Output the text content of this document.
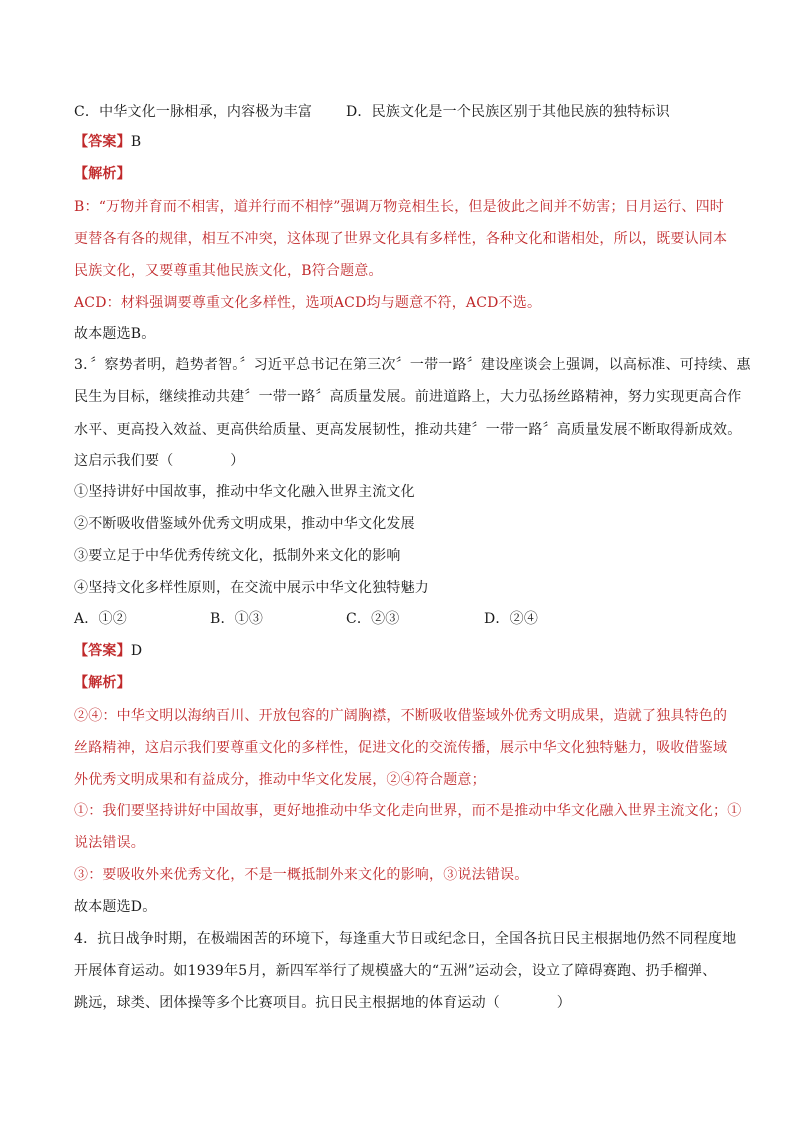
C．中华文化一脉相承，内容极为丰富 D．民族文化是一个民族区别于其他民族的独特标识
【答案】B
【解析】
B：“万物并育而不相害，道并行而不相悖”强调万物竞相生长，但是彼此之间并不妨害；日月运行、四时
更替各有各的规律，相互不冲突，这体现了世界文化具有多样性，各种文化和谐相处，所以，既要认同本
民族文化，又要尊重其他民族文化，B符合题意。
ACD：材料强调要尊重文化多样性，选项ACD均与题意不符，ACD不选。
故本题选B。
3．〞察势者明，趋势者智。〞习近平总书记在第三次〞一带一路〞建设座谈会上强调，以高标准、可持续、惠
民生为目标，继续推动共建〞一带一路〞高质量发展。前进道路上，大力弘扬丝路精神，努力实现更高合作
水平、更高投入效益、更高供给质量、更高发展韧性，推动共建〞一带一路〞高质量发展不断取得新成效。
这启示我们要（　　　　）
①坚持讲好中国故事，推动中华文化融入世界主流文化
②不断吸收借鉴域外优秀文明成果，推动中华文化发展
③要立足于中华优秀传统文化，抵制外来文化的影响
④坚持文化多样性原则，在交流中展示中华文化独特魅力
A．①②	B．①③	C．②③	D．②④
【答案】D
【解析】
②④：中华文明以海纳百川、开放包容的广阔胸襟，不断吸收借鉴域外优秀文明成果，造就了独具特色的
丝路精神，这启示我们要尊重文化的多样性，促进文化的交流传播，展示中华文化独特魅力，吸收借鉴域
外优秀文明成果和有益成分，推动中华文化发展，②④符合题意；
①：我们要坚持讲好中国故事，更好地推动中华文化走向世界，而不是推动中华文化融入世界主流文化；①
说法错误。
③：要吸收外来优秀文化，不是一概抵制外来文化的影响，③说法错误。
故本题选D。
4．抗日战争时期，在极端困苦的环境下，每逢重大节日或纪念日，全国各抗日民主根据地仍然不同程度地
开展体育运动。如1939年5月，新四军举行了规模盛大的“五洲”运动会，设立了障碍赛跑、扔手榴弹、
跳远，球类、团体操等多个比赛项目。抗日民主根据地的体育运动（　　　　）
